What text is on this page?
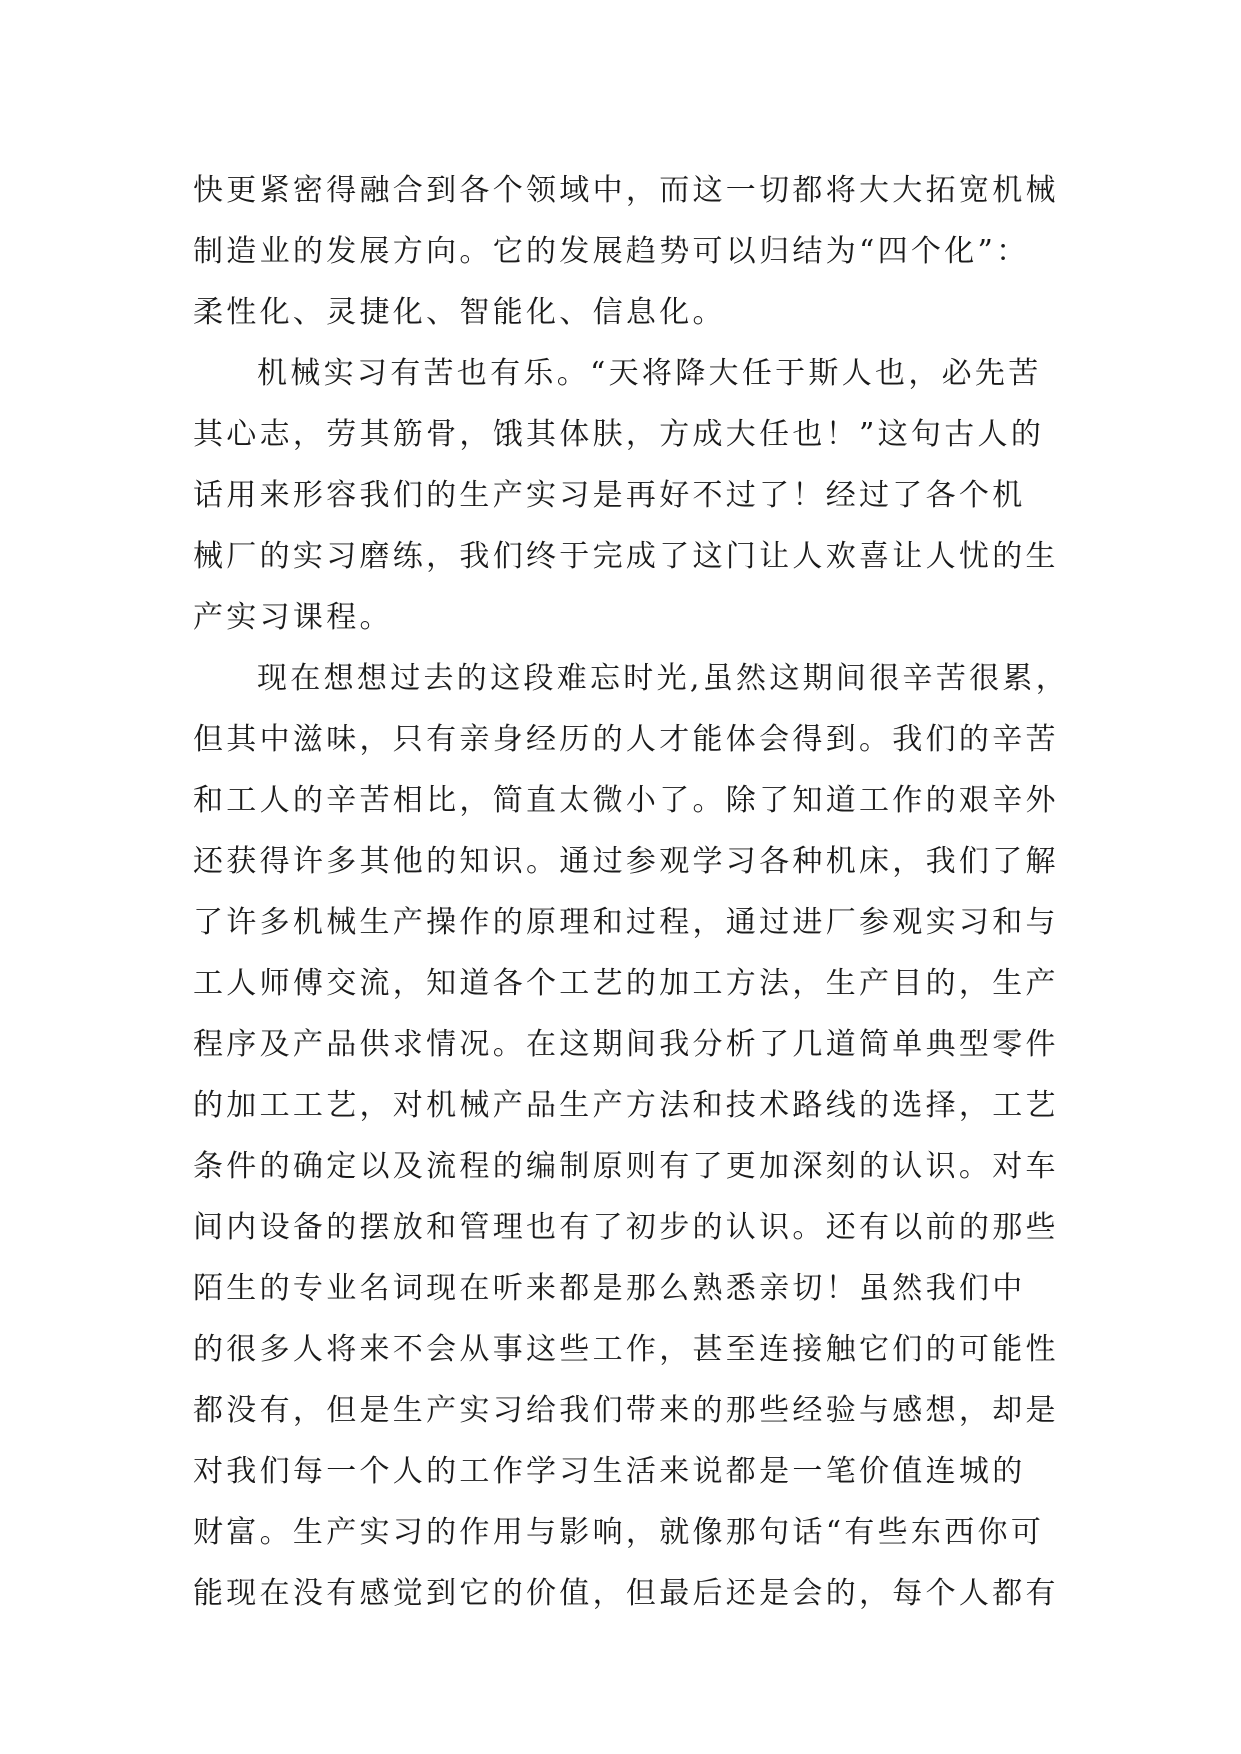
快更紧密得融合到各个领域中，而这一切都将大大拓宽机械
制造业的发展方向。它的发展趋势可以归结为“四个化”：
柔性化、灵捷化、智能化、信息化。
机械实习有苦也有乐。“天将降大任于斯人也，必先苦
其心志，劳其筋骨，饿其体肤，方成大任也！”这句古人的
话用来形容我们的生产实习是再好不过了！经过了各个机
械厂的实习磨练，我们终于完成了这门让人欢喜让人忧的生
产实习课程。
现在想想过去的这段难忘时光,虽然这期间很辛苦很累，
但其中滋味，只有亲身经历的人才能体会得到。我们的辛苦
和工人的辛苦相比，简直太微小了。除了知道工作的艰辛外
还获得许多其他的知识。通过参观学习各种机床，我们了解
了许多机械生产操作的原理和过程，通过进厂参观实习和与
工人师傅交流，知道各个工艺的加工方法，生产目的，生产
程序及产品供求情况。在这期间我分析了几道简单典型零件
的加工工艺，对机械产品生产方法和技术路线的选择，工艺
条件的确定以及流程的编制原则有了更加深刻的认识。对车
间内设备的摆放和管理也有了初步的认识。还有以前的那些
陌生的专业名词现在听来都是那么熟悉亲切！虽然我们中
的很多人将来不会从事这些工作，甚至连接触它们的可能性
都没有，但是生产实习给我们带来的那些经验与感想，却是
对我们每一个人的工作学习生活来说都是一笔价值连城的
财富。生产实习的作用与影响，就像那句话“有些东西你可
能现在没有感觉到它的价值，但最后还是会的，每个人都有
